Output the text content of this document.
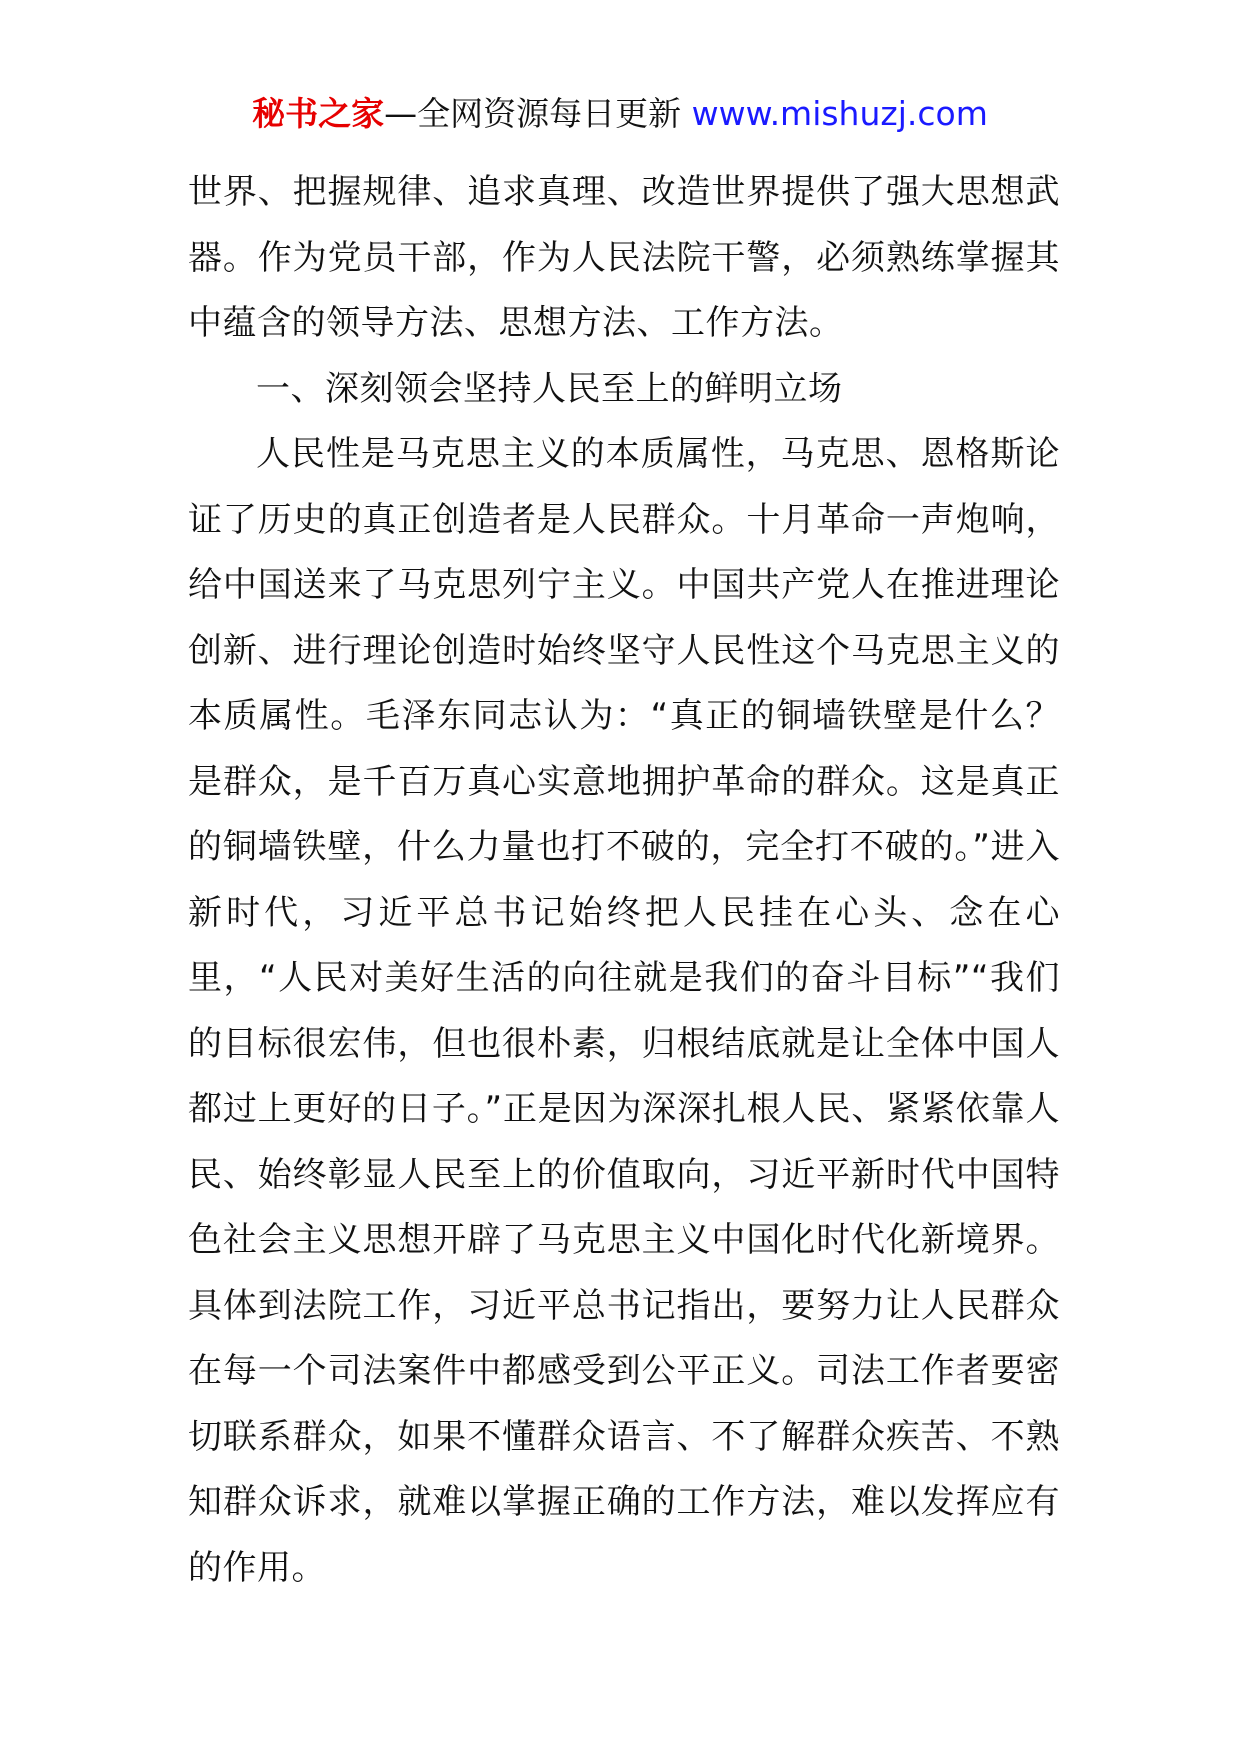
秘书之家—全网资源每日更新 www.mishuzj.com

世界、把握规律、追求真理、改造世界提供了强大思想武器。作为党员干部，作为人民法院干警，必须熟练掌握其中蕴含的领导方法、思想方法、工作方法。

一、深刻领会坚持人民至上的鲜明立场

人民性是马克思主义的本质属性，马克思、恩格斯论证了历史的真正创造者是人民群众。十月革命一声炮响，给中国送来了马克思列宁主义。中国共产党人在推进理论创新、进行理论创造时始终坚守人民性这个马克思主义的本质属性。毛泽东同志认为：“真正的铜墙铁壁是什么？是群众，是千百万真心实意地拥护革命的群众。这是真正的铜墙铁壁，什么力量也打不破的，完全打不破的。”进入新时代，习近平总书记始终把人民挂在心头、念在心里，“人民对美好生活的向往就是我们的奋斗目标”“我们的目标很宏伟，但也很朴素，归根结底就是让全体中国人都过上更好的日子。”正是因为深深扎根人民、紧紧依靠人民、始终彰显人民至上的价值取向，习近平新时代中国特色社会主义思想开辟了马克思主义中国化时代化新境界。具体到法院工作，习近平总书记指出，要努力让人民群众在每一个司法案件中都感受到公平正义。司法工作者要密切联系群众，如果不懂群众语言、不了解群众疾苦、不熟知群众诉求，就难以掌握正确的工作方法，难以发挥应有的作用。
